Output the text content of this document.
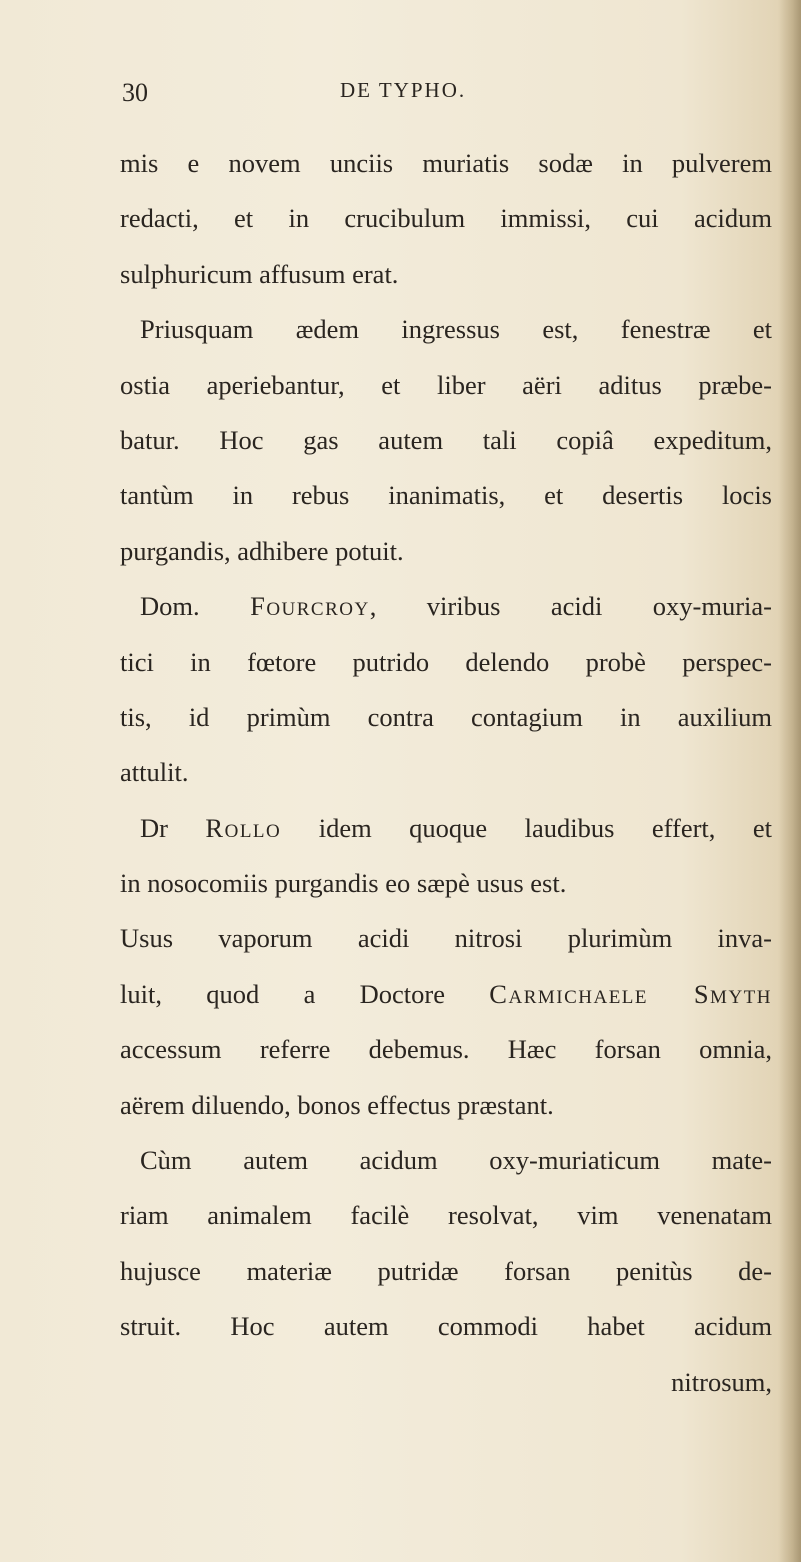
30	DE TYPHO.
mis e novem unciis muriatis sodæ in pulverem
redacti, et in crucibulum immissi, cui acidum
sulphuricum affusum erat.
Priusquam ædem ingressus est, fenestræ et
ostia aperiebantur, et liber aëri aditus præbe-
batur. Hoc gas autem tali copiâ expeditum,
tantùm in rebus inanimatis, et desertis locis
purgandis, adhibere potuit.
Dom. Fourcroy, viribus acidi oxy-muria-
tici in fœtore putrido delendo probè perspec-
tis, id primùm contra contagium in auxilium
attulit.
Dr Rollo idem quoque laudibus effert, et
in nosocomiis purgandis eo sæpè usus est.
Usus vaporum acidi nitrosi plurimùm inva-
luit, quod a Doctore Carmichaele Smyth
accessum referre debemus. Hæc forsan omnia,
aërem diluendo, bonos effectus præstant.
Cùm autem acidum oxy-muriaticum mate-
riam animalem facilè resolvat, vim venenatam
hujusce materiæ putridæ forsan penitùs de-
struit. Hoc autem commodi habet acidum
nitrosum,
